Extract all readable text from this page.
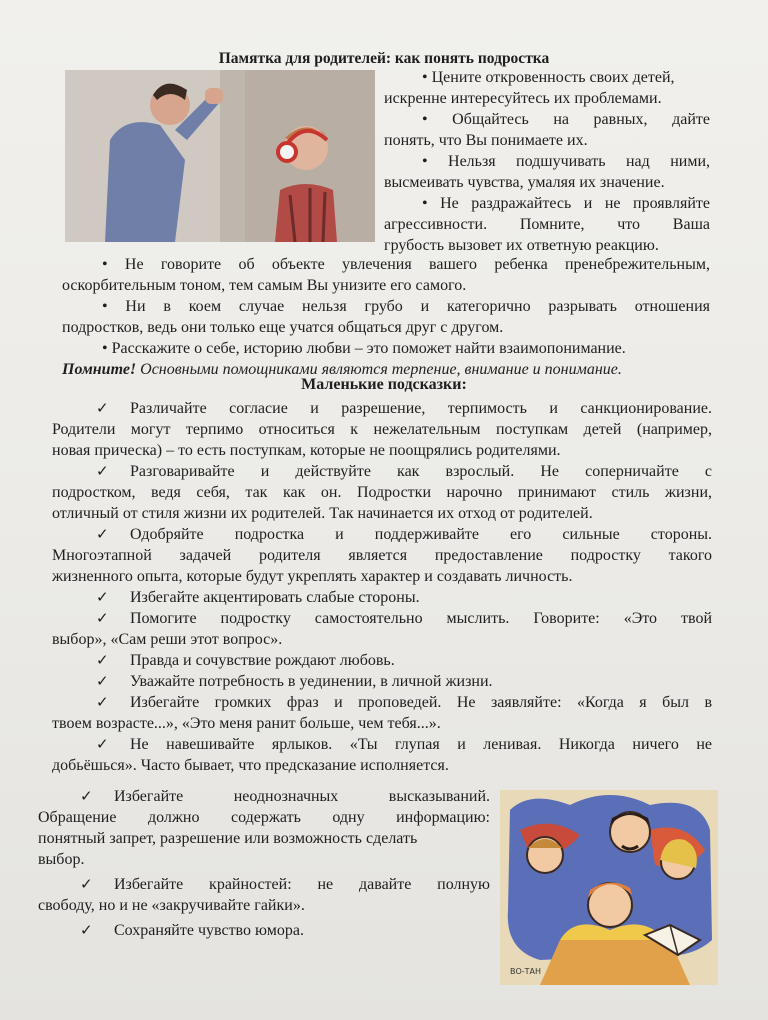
Памятка для родителей: как понять подростка
• Цените откровенность своих детей,
искренне интересуйтесь их проблемами.
• Общайтесь на равных, дайте
понять, что Вы понимаете их.
• Нельзя подшучивать над ними,
высмеивать чувства, умаляя их значение.
• Не раздражайтесь и не проявляйте
агрессивности. Помните, что Ваша
грубость вызовет их ответную реакцию.
• Не говорите об объекте увлечения вашего ребенка пренебрежительным,
оскорбительным тоном, тем самым Вы унизите его самого.
• Ни в коем случае нельзя грубо и категорично разрывать отношения
подростков, ведь они только еще учатся общаться друг с другом.
• Расскажите о себе, историю любви – это поможет найти взаимопонимание.
Помните! Основными помощниками являются терпение, внимание и понимание.
Маленькие подсказки:
✓ Различайте согласие и разрешение, терпимость и санкционирование.
Родители могут терпимо относиться к нежелательным поступкам детей (например,
новая прическа) – то есть поступкам, которые не поощрялись родителями.
✓ Разговаривайте и действуйте как взрослый. Не соперничайте с
подростком, ведя себя, так как он. Подростки нарочно принимают стиль жизни,
отличный от стиля жизни их родителей. Так начинается их отход от родителей.
✓ Одобряйте подростка и поддерживайте его сильные стороны.
Многоэтапной задачей родителя является предоставление подростку такого
жизненного опыта, которые будут укреплять характер и создавать личность.
✓ Избегайте акцентировать слабые стороны.
✓ Помогите подростку самостоятельно мыслить. Говорите: «Это твой
выбор», «Сам реши этот вопрос».
✓ Правда и сочувствие рождают любовь.
✓ Уважайте потребность в уединении, в личной жизни.
✓ Избегайте громких фраз и проповедей. Не заявляйте: «Когда я был в
твоем возрасте...», «Это меня ранит больше, чем тебя...».
✓ Не навешивайте ярлыков. «Ты глупая и ленивая. Никогда ничего не
добьёшься». Часто бывает, что предсказание исполняется.
✓ Избегайте неоднозначных высказываний.
Обращение должно содержать одну информацию:
понятный запрет, разрешение или возможность сделать
выбор.
✓ Избегайте крайностей: не давайте полную
свободу, но и не «закручивайте гайки».
✓ Сохраняйте чувство юмора.
ВО-ТАН
